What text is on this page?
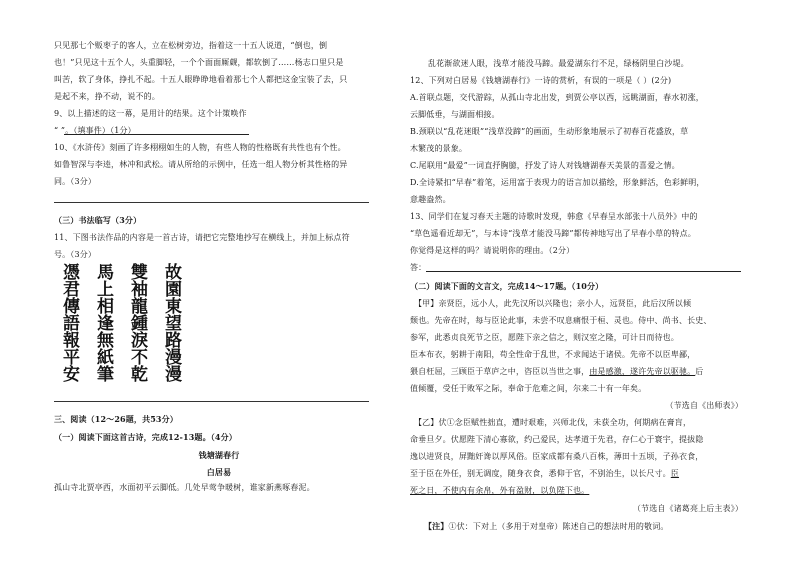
只见那七个贩枣子的客人，立在松树旁边，指着这一十五人说道，“倒也，倒
也！”只见这十五个人，头重脚轻，一个个面面厮觑，都软倒了……杨志口里只是
叫苦，软了身体，挣扎不起。十五人眼睁睁地看着那七个人都把这金宝装了去，只
是起不来，挣不动，说不的。
9、以上描述的这一幕，是用计的结果。这个计策唤作
“ ”。（填事件）（1分）
10、《水浒传》刻画了许多栩栩如生的人物，有些人物的性格既有共性也有个性。
如鲁智深与李逵，林冲和武松。请从所给的示例中，任选一组人物分析其性格的异
同。（3分）
（三）书法临写（3分）
11、下图书法作品的内容是一首古诗，请把它完整地抄写在横线上，并加上标点符
号。（3分）
故園東望路漫漫
雙袖龍鍾淚不乾
馬上相逢無紙筆
憑君傳語報平安
三、阅读（12～26题，共53分）
（一）阅读下面这首古诗，完成12-13题。（4分）
钱塘湖春行
白居易
孤山寺北贾亭西，水面初平云脚低。几处早莺争暖树，谁家新燕啄春泥。
乱花渐欲迷人眼，浅草才能没马蹄。最爱湖东行不足，绿杨阴里白沙堤。
12、下列对白居易《钱塘湖春行》一诗的赏析，有误的一项是（ ）(2分)
A.首联点题，交代游踪，从孤山寺北出发，到贾公亭以西，远眺湖面，春水初涨，
云脚低垂，与湖面相接。
B.颈联以“乱花迷眼”“浅草没蹄”的画面，生动形象地展示了初春百花盛放，草
木繁茂的景象。
C.尾联用“最爱”一词直抒胸臆，抒发了诗人对钱塘湖春天美景的喜爱之情。
D.全诗紧扣“早春”着笔，运用富于表现力的语言加以描绘，形象鲜活，色彩鲜明，
意趣盎然。
13、同学们在复习春天主题的诗歌时发现，韩愈《早春呈水部张十八员外》中的
“草色遥看近却无”，与本诗“浅草才能没马蹄”都传神地写出了早春小草的特点。
你觉得是这样的吗？请说明你的理由。（2分）
答：
（二）阅读下面的文言文，完成14～17题。（10分）
【甲】亲贤臣，远小人，此先汉所以兴隆也；亲小人，远贤臣，此后汉所以倾
颓也。先帝在时，每与臣论此事，未尝不叹息痛恨于桓、灵也。侍中、尚书、长史、
参军，此悉贞良死节之臣，愿陛下亲之信之，则汉室之隆，可计日而待也。
臣本布衣，躬耕于南阳，苟全性命于乱世，不求闻达于诸侯。先帝不以臣卑鄙，
猥自枉屈，三顾臣于草庐之中，咨臣以当世之事，由是感激，遂许先帝以驱驰。后
值倾覆，受任于败军之际，奉命于危难之间，尔来二十有一年矣。
（节选自《出师表》）
【乙】伏①念臣赋性拙直，遭时艰难，兴师北伐，未获全功，何期病在膏肓，
命垂旦夕。伏愿陛下清心寡欲，约己爱民，达孝道于先君，存仁心于寰宇，提拔隐
逸以进贤良，屏黜奸谗以厚风俗。臣家成都有桑八百株，薄田十五顷，子孙衣食，
至于臣在外任，别无调度，随身衣食，悉仰于官，不别治生，以长尺寸。臣
死之日，不使内有余帛，外有盈财，以负陛下也。
（节选自《诸葛亮上后主表》）
【注】①伏：下对上（多用于对皇帝）陈述自己的想法时用的敬词。
